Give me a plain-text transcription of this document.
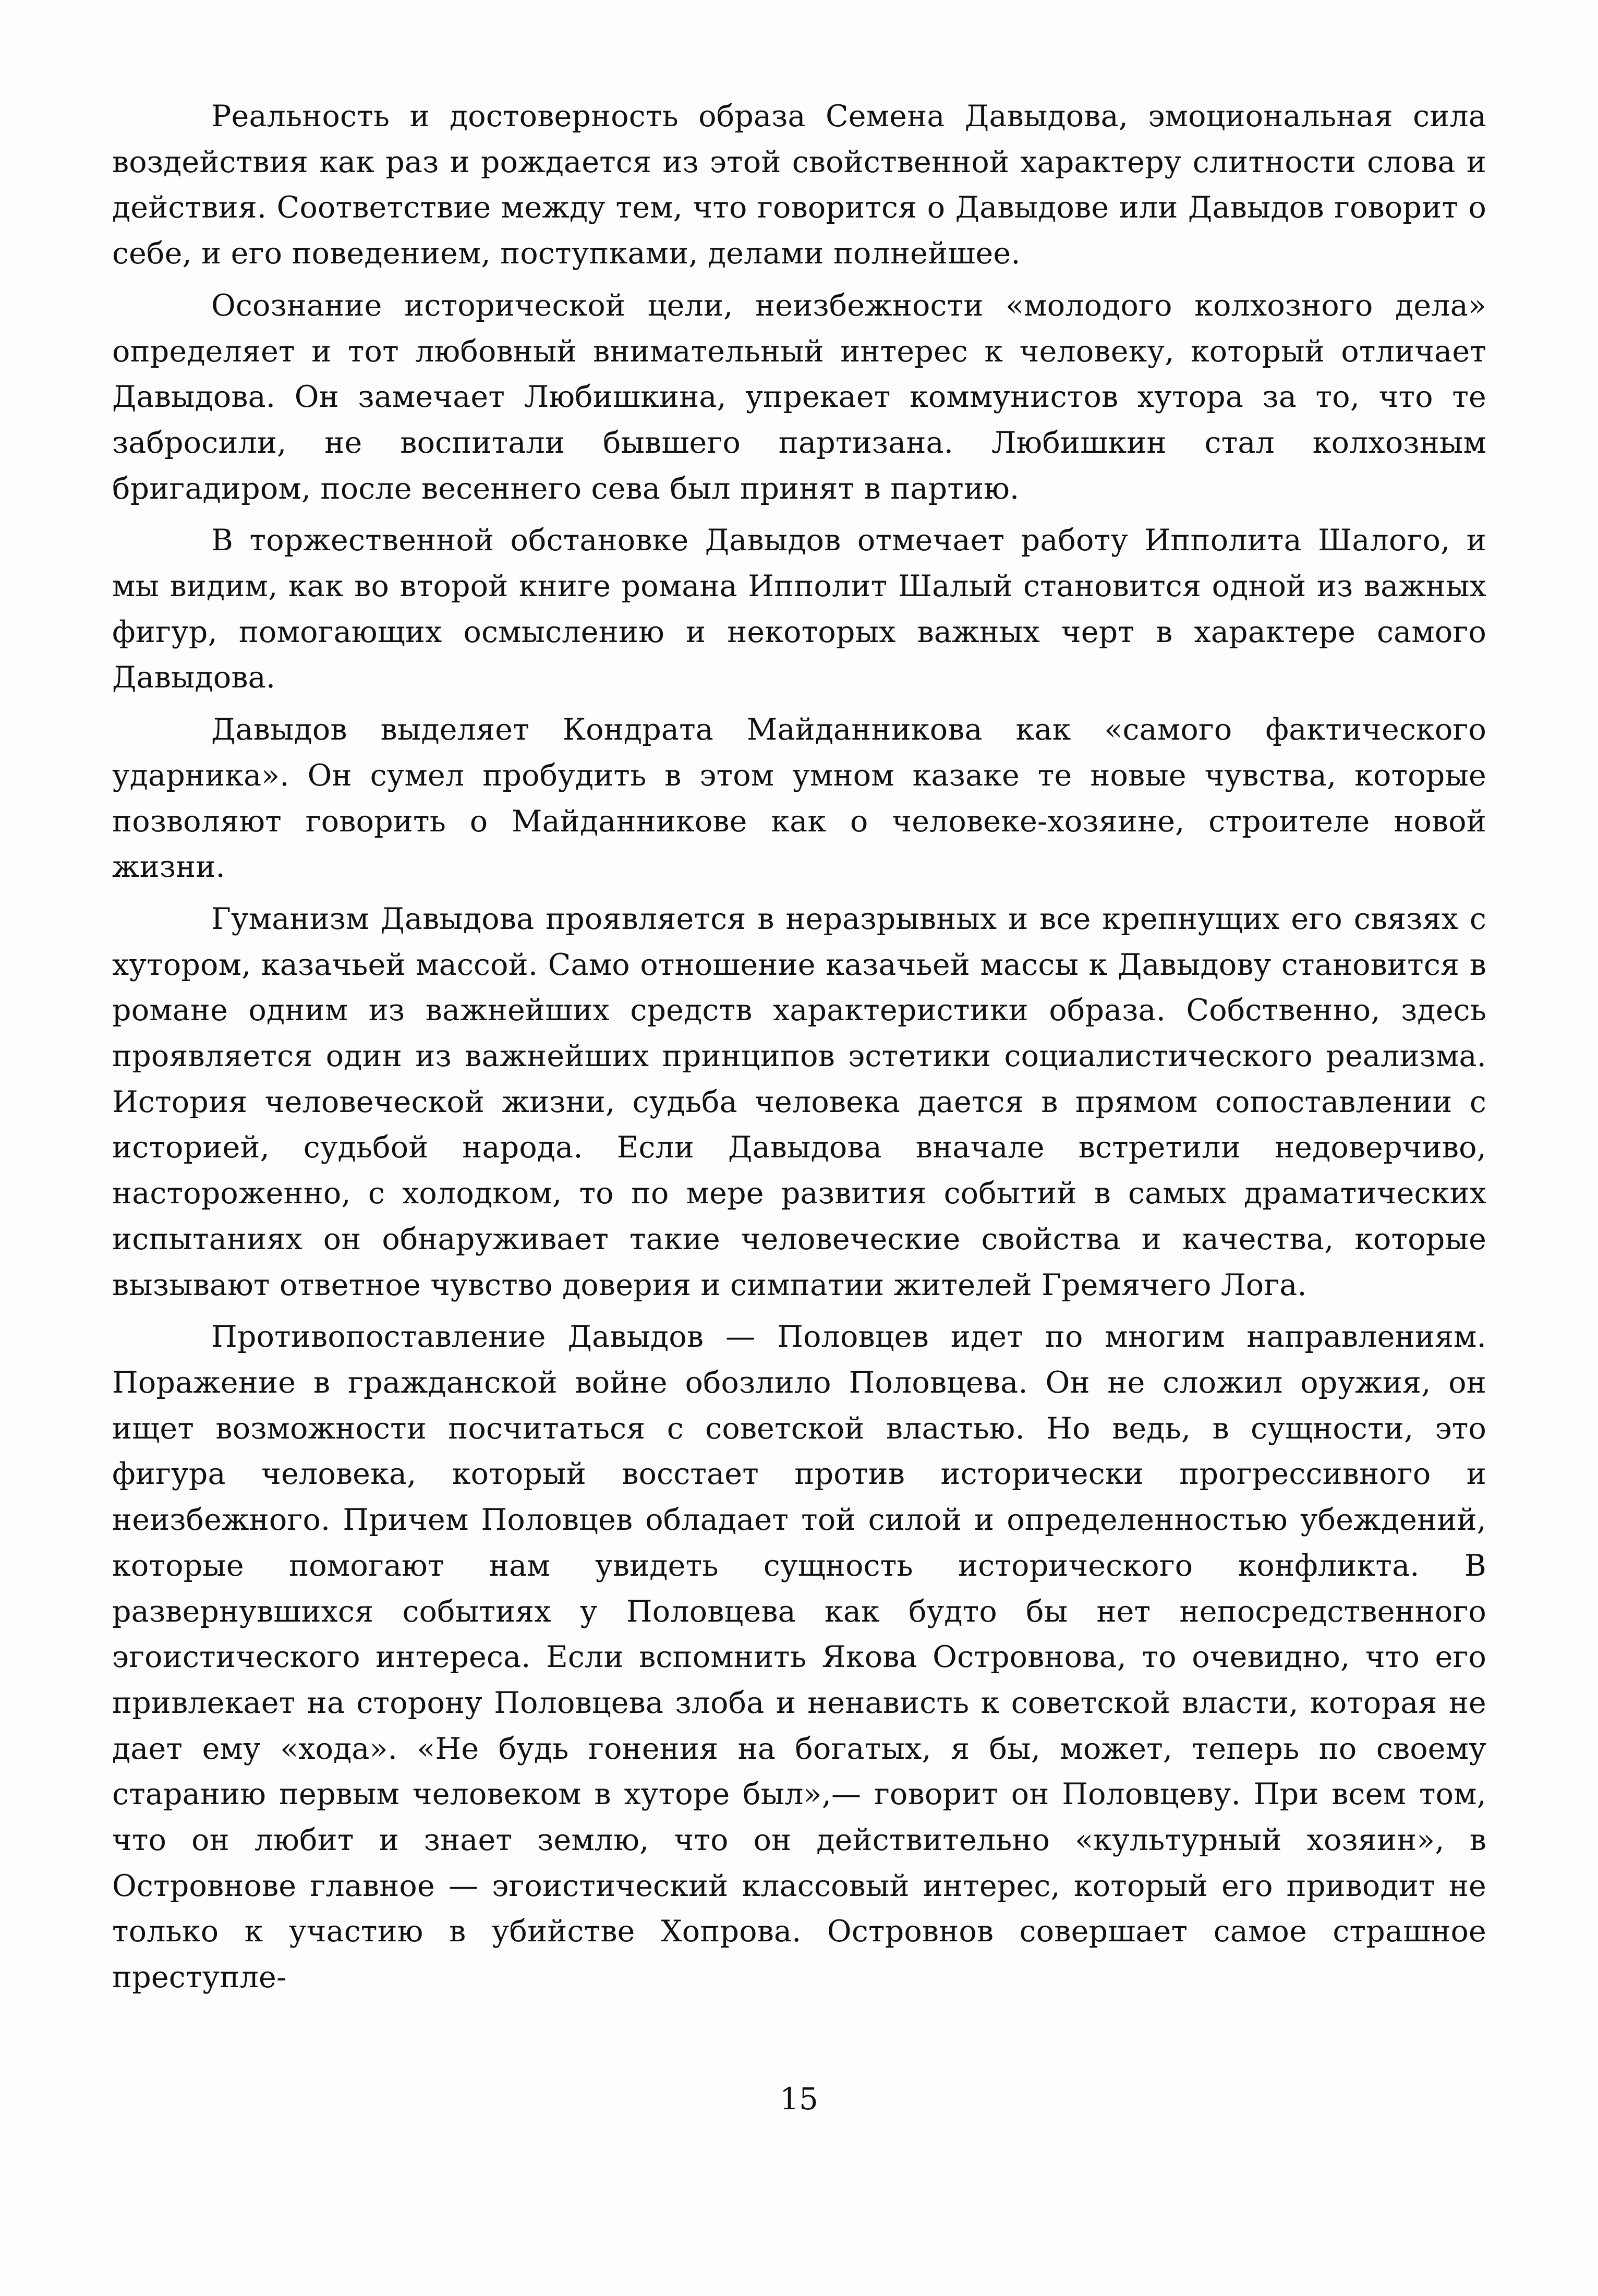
Реальность и достоверность образа Семена Давыдова, эмоциональная сила воздействия как раз и рождается из этой свойственной характеру слитности слова и действия. Соответствие между тем, что говорится о Давыдове или Давыдов говорит о себе, и его поведением, поступками, делами полнейшее.

Осознание исторической цели, неизбежности «молодого колхозного дела» определяет и тот любовный внимательный интерес к человеку, который отличает Давыдова. Он замечает Любишкина, упрекает коммунистов хутора за то, что те забросили, не воспитали бывшего партизана. Любишкин стал колхозным бригадиром, после весеннего сева был принят в партию.

В торжественной обстановке Давыдов отмечает работу Ипполита Шалого, и мы видим, как во второй книге романа Ипполит Шалый становится одной из важных фигур, помогающих осмыслению и некоторых важных черт в характере самого Давыдова.

Давыдов выделяет Кондрата Майданникова как «самого фактического ударника». Он сумел пробудить в этом умном казаке те новые чувства, которые позволяют говорить о Майданникове как о человеке-хозяине, строителе новой жизни.

Гуманизм Давыдова проявляется в неразрывных и все крепнущих его связях с хутором, казачьей массой. Само отношение казачьей массы к Давыдову становится в романе одним из важнейших средств характеристики образа. Собственно, здесь проявляется один из важнейших принципов эстетики социалистического реализма. История человеческой жизни, судьба человека дается в прямом сопоставлении с историей, судьбой народа. Если Давыдова вначале встретили недоверчиво, настороженно, с холодком, то по мере развития событий в самых драматических испытаниях он обнаруживает такие человеческие свойства и качества, которые вызывают ответное чувство доверия и симпатии жителей Гремячего Лога.

Противопоставление Давыдов — Половцев идет по многим направлениям. Поражение в гражданской войне обозлило Половцева. Он не сложил оружия, он ищет возможности посчитаться с советской властью. Но ведь, в сущности, это фигура человека, который восстает против исторически прогрессивного и неизбежного. Причем Половцев обладает той силой и определенностью убеждений, которые помогают нам увидеть сущность исторического конфликта. В развернувшихся событиях у Половцева как будто бы нет непосредственного эгоистического интереса. Если вспомнить Якова Островнова, то очевидно, что его привлекает на сторону Половцева злоба и ненависть к советской власти, которая не дает ему «хода». «Не будь гонения на богатых, я бы, может, теперь по своему старанию первым человеком в хуторе был»,— говорит он Половцеву. При всем том, что он любит и знает землю, что он действительно «культурный хозяин», в Островнове главное — эгоистический классовый интерес, который его приводит не только к участию в убийстве Хопрова. Островнов совершает самое страшное преступле-

15
